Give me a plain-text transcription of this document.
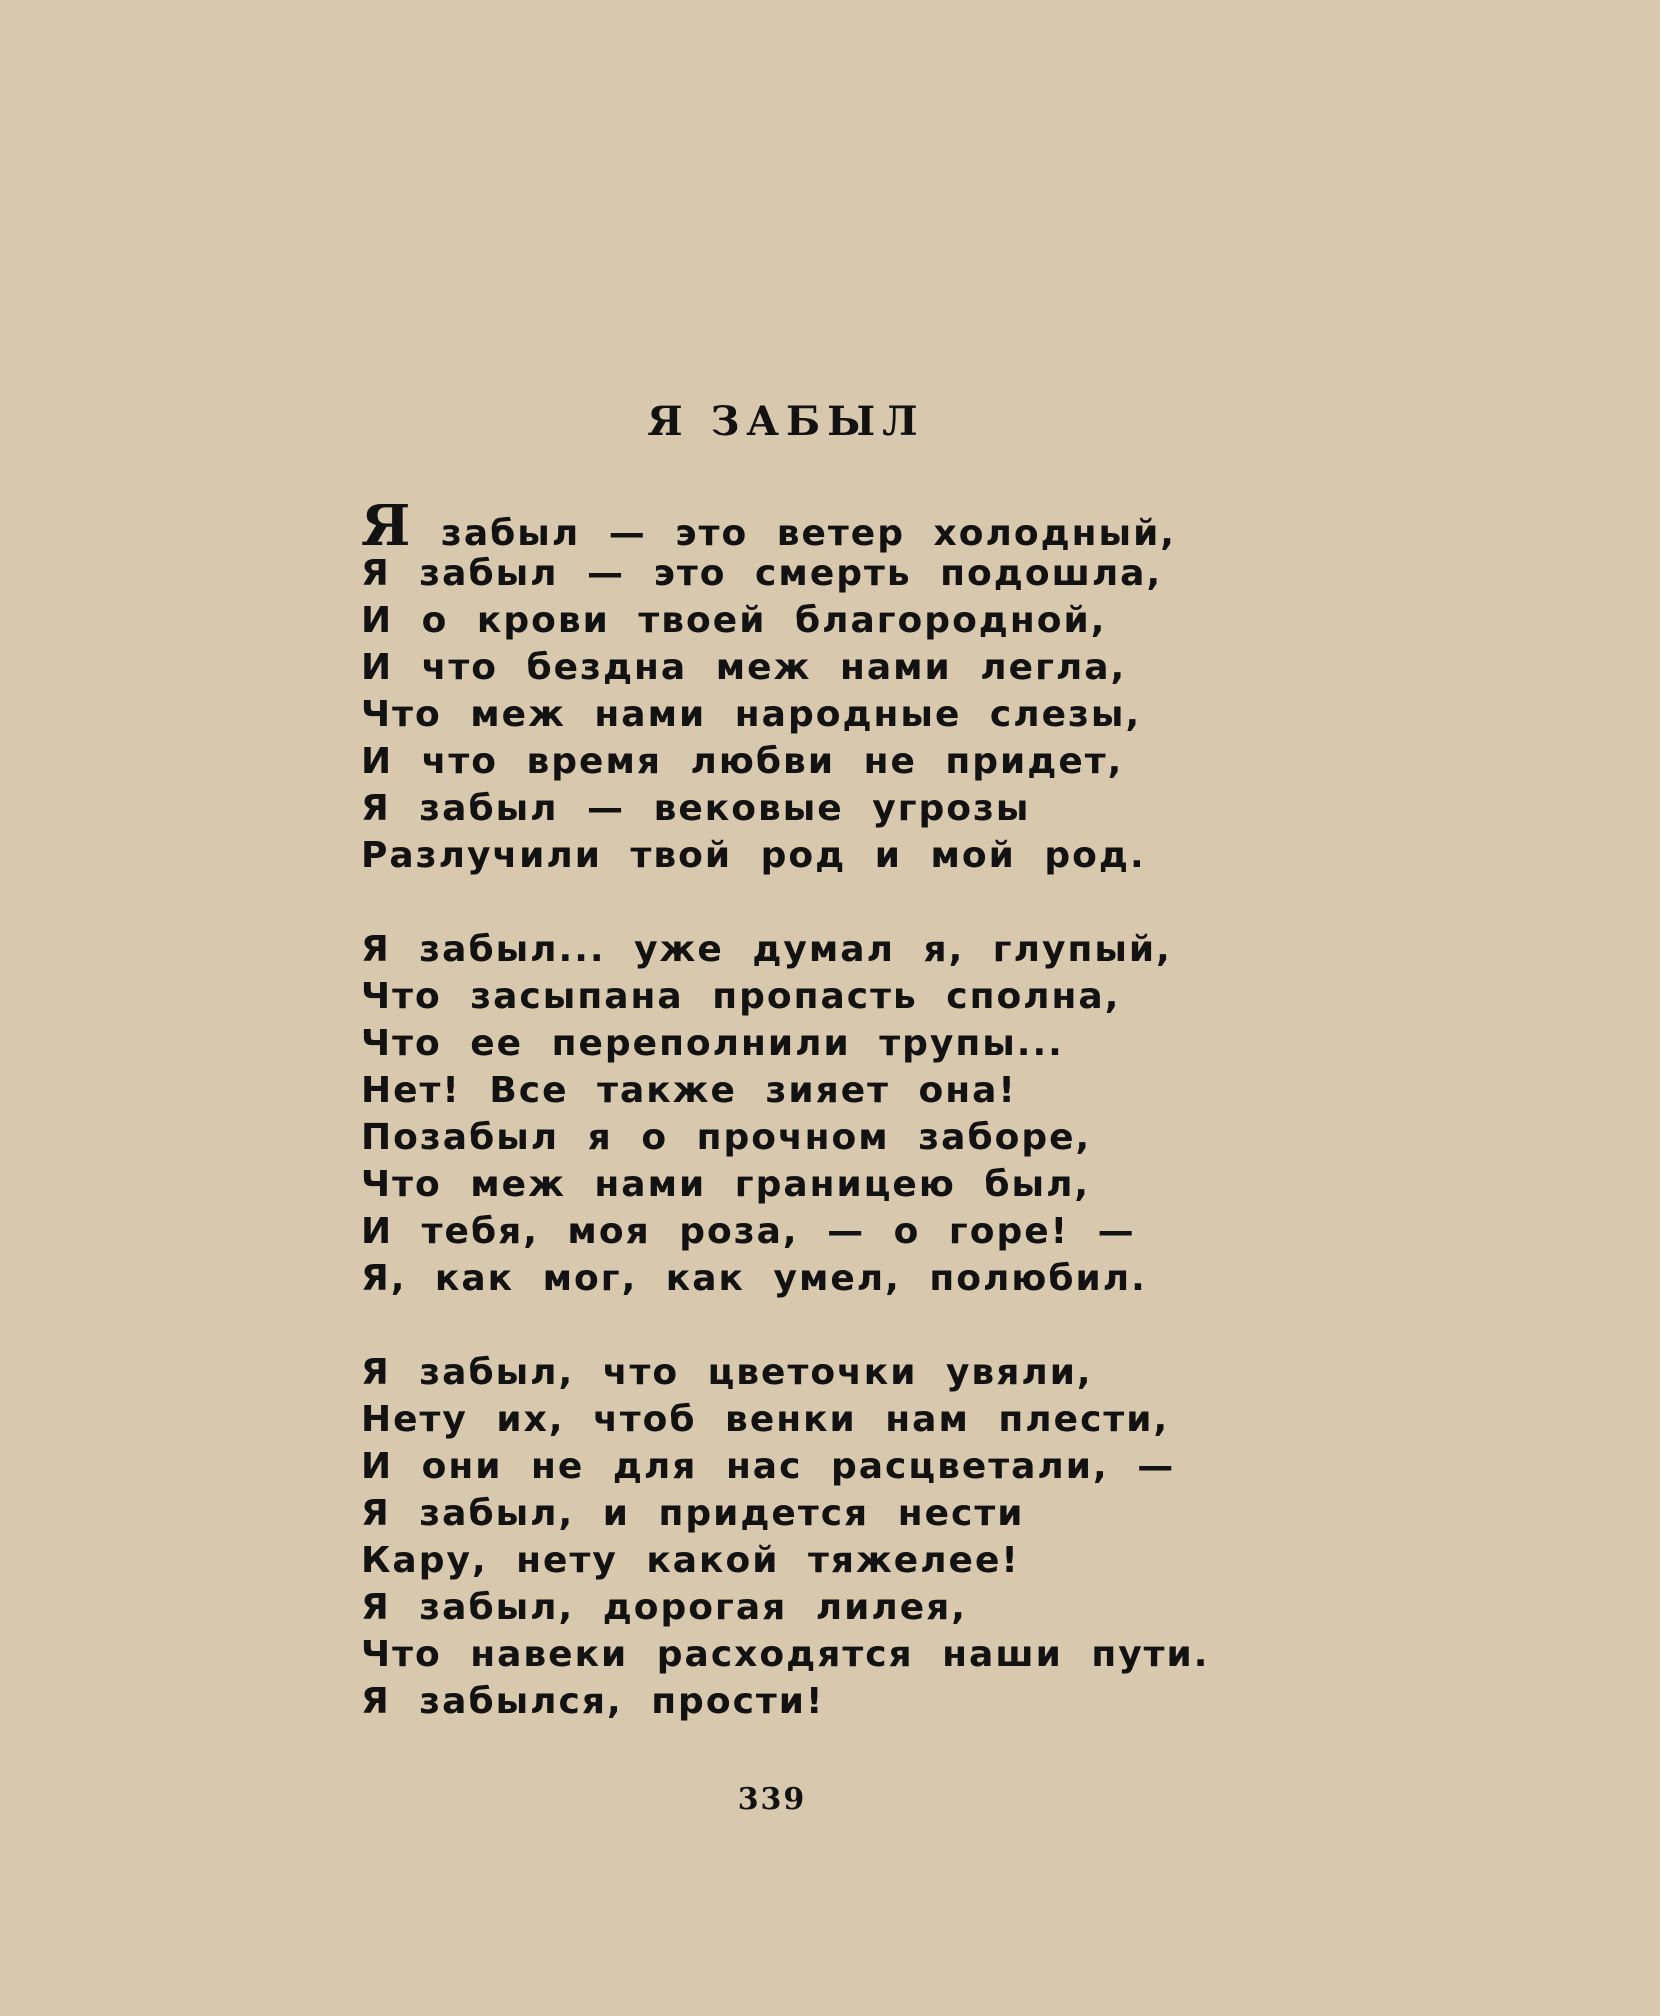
Я ЗАБЫЛ
Я забыл — это ветер холодный,
Я забыл — это смерть подошла,
И о крови твоей благородной,
И что бездна меж нами легла,
Что меж нами народные слезы,
И что время любви не придет,
Я забыл — вековые угрозы
Разлучили твой род и мой род.
Я забыл... уже думал я, глупый,
Что засыпана пропасть сполна,
Что ее переполнили трупы...
Нет! Все также зияет она!
Позабыл я о прочном заборе,
Что меж нами границею был,
И тебя, моя роза, — о горе! —
Я, как мог, как умел, полюбил.
Я забыл, что цветочки увяли,
Нету их, чтоб венки нам плести,
И они не для нас расцветали, —
Я забыл, и придется нести
Кару, нету какой тяжелее!
Я забыл, дорогая лилея,
Что навеки расходятся наши пути.
Я забылся, прости!
339
